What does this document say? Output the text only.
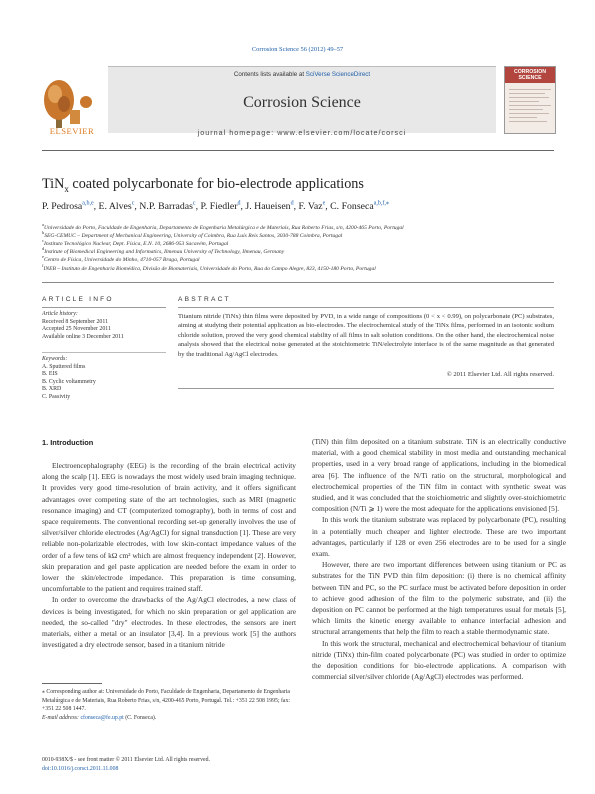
Corrosion Science 56 (2012) 49–57
ELSEVIER
Contents lists available at SciVerse ScienceDirect
Corrosion Science
journal homepage: www.elsevier.com/locate/corsci
CORROSION SCIENCE
TiN$_x$ coated polycarbonate for bio-electrode applications
P. Pedrosa$^{a,b,e}$, E. Alves$^c$, N.P. Barradas$^c$, P. Fiedler$^d$, J. Haueisen$^d$, F. Vaz$^e$, C. Fonseca$^{a,b,f,⁎}$
$^a$Universidade do Porto, Faculdade de Engenharia, Departamento de Engenharia Metalúrgica e de Materiais, Rua Roberto Frias, s/n, 4200-465 Porto, Portugal
$^b$SEG-CEMUC – Department of Mechanical Engineering, University of Coimbra, Rua Luís Reis Santos, 3030-788 Coimbra, Portugal
$^c$Instituto Tecnológico Nuclear, Dept. Física, E.N. 10, 2686-953 Sacavém, Portugal
$^d$Institute of Biomedical Engineering and Informatics, Ilmenau University of Technology, Ilmenau, Germany
$^e$Centro de Física, Universidade do Minho, 4710-057 Braga, Portugal
$^f$INEB – Instituto de Engenharia Biomédica, Divisão de Biomateriais, Universidade do Porto, Rua do Campo Alegre, 823, 4150-180 Porto, Portugal
ARTICLE INFO	ABSTRACT
Article history:
Received 8 September 2011
Accepted 25 November 2011
Available online 3 December 2011
Keywords:
A. Sputtered films
B. EIS
B. Cyclic voltammetry
B. XRD
C. Passivity
Titanium nitride (TiNx) thin films were deposited by PVD, in a wide range of compositions (0 < x < 0.99), on polycarbonate (PC) substrates, aiming at studying their potential application as bio-electrodes. The electrochemical study of the TiNx films, performed in an isotonic sodium chloride solution, proved the very good chemical stability of all films in salt solution conditions. On the other hand, the electrochemical noise analysis showed that the electrical noise generated at the stoichiometric TiN/electrolyte interface is of the same magnitude as that generated by the traditional Ag/AgCl electrodes.
© 2011 Elsevier Ltd. All rights reserved.
1. Introduction

Electroencephalography (EEG) is the recording of the brain electrical activity along the scalp [1]. EEG is nowadays the most widely used brain imaging technique. It provides very good time-resolution of brain activity, and it offers significant advantages over competing state of the art technologies, such as MRI (magnetic resonance imaging) and CT (computerized tomography), both in terms of cost and space requirements. The conventional recording set-up generally involves the use of silver/silver chloride electrodes (Ag/AgCl) for signal transduction [1]. These are very reliable non-polarizable electrodes, with low skin-contact impedance values of the order of a few tens of kΩ cm² which are almost frequency independent [2]. However, skin preparation and gel paste application are needed before the exam in order to lower the skin/electrode impedance. This preparation is time consuming, uncomfortable to the patient and requires trained staff.

In order to overcome the drawbacks of the Ag/AgCl electrodes, a new class of devices is being investigated, for which no skin preparation or gel application are needed, the so-called "dry" electrodes. In these electrodes, the sensors are inert materials, either a metal or an insulator [3,4]. In a previous work [5] the authors investigated a dry electrode sensor, based in a titanium nitride

(TiN) thin film deposited on a titanium substrate. TiN is an electrically conductive material, with a good chemical stability in most media and outstanding mechanical properties, used in a very broad range of applications, including in the biomedical area [6]. The influence of the N/Ti ratio on the structural, morphological and electrochemical properties of the TiN film in contact with synthetic sweat was studied, and it was concluded that the stoichiometric and slightly over-stoichiometric composition (N/Ti ⩾ 1) were the most adequate for the applications envisioned [5].

In this work the titanium substrate was replaced by polycarbonate (PC), resulting in a potentially much cheaper and lighter electrode. These are two important advantages, particularly if 128 or even 256 electrodes are to be used for a single exam.

However, there are two important differences between using titanium or PC as substrates for the TiN PVD thin film deposition: (i) there is no chemical affinity between TiN and PC, so the PC surface must be activated before deposition in order to achieve good adhesion of the film to the polymeric substrate, and (ii) the deposition on PC cannot be performed at the high temperatures usual for metals [5], which limits the kinetic energy available to enhance interfacial adhesion and structural arrangements that help the film to reach a stable thermodynamic state.

In this work the structural, mechanical and electrochemical behaviour of titanium nitride (TiNx) thin-film coated polycarbonate (PC) was studied in order to optimize the deposition conditions for bio-electrode applications. A comparison with commercial silver/silver chloride (Ag/AgCl) electrodes was performed.

⁎ Corresponding author at: Universidade do Porto, Faculdade de Engenharia, Departamento de Engenharia Metalúrgica e de Materiais, Rua Roberto Frias, s/n, 4200-465 Porto, Portugal. Tel.: +351 22 508 1995; fax: +351 22 508 1447.
E-mail address: cfonseca@fe.up.pt (C. Fonseca).
0010-938X/$ - see front matter © 2011 Elsevier Ltd. All rights reserved.
doi:10.1016/j.corsci.2011.11.008
